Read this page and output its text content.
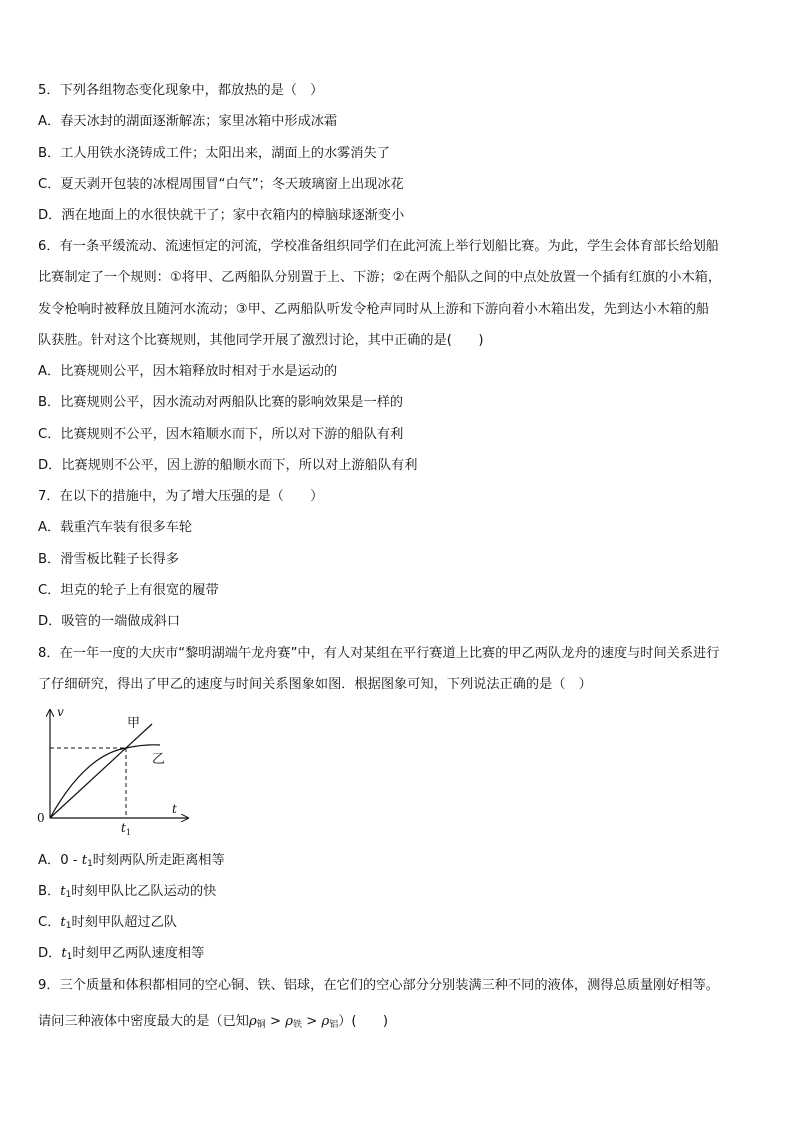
5．下列各组物态变化现象中，都放热的是（　）
A．春天冰封的湖面逐渐解冻；家里冰箱中形成冰霜
B．工人用铁水浇铸成工件；太阳出来，湖面上的水雾消失了
C．夏天剥开包装的冰棍周围冒“白气”；冬天玻璃窗上出现冰花
D．洒在地面上的水很快就干了；家中衣箱内的樟脑球逐渐变小
6．有一条平缓流动、流速恒定的河流，学校准备组织同学们在此河流上举行划船比赛。为此，学生会体育部长给划船
比赛制定了一个规则：①将甲、乙两船队分别置于上、下游；②在两个船队之间的中点处放置一个插有红旗的小木箱，
发令枪响时被释放且随河水流动；③甲、乙两船队听发令枪声同时从上游和下游向着小木箱出发，先到达小木箱的船
队获胜。针对这个比赛规则，其他同学开展了激烈讨论，其中正确的是(　　)
A．比赛规则公平，因木箱释放时相对于水是运动的
B．比赛规则公平，因水流动对两船队比赛的影响效果是一样的
C．比赛规则不公平，因木箱顺水而下，所以对下游的船队有利
D．比赛规则不公平，因上游的船顺水而下，所以对上游船队有利
7．在以下的措施中，为了增大压强的是（　　）
A．载重汽车装有很多车轮
B．滑雪板比鞋子长得多
C．坦克的轮子上有很宽的履带
D．吸管的一端做成斜口
8．在一年一度的大庆市“黎明湖端午龙舟赛”中，有人对某组在平行赛道上比赛的甲乙两队龙舟的速度与时间关系进行
了仔细研究，得出了甲乙的速度与时间关系图象如图．根据图象可知，下列说法正确的是（　）
v
t
0
$t_1$
甲
乙
A．$0 - t_1$时刻两队所走距离相等
B．$t_1$时刻甲队比乙队运动的快
C．$t_1$时刻甲队超过乙队
D．$t_1$时刻甲乙两队速度相等
9．三个质量和体积都相同的空心铜、铁、铝球，在它们的空心部分分别装满三种不同的液体，测得总质量刚好相等。
请问三种液体中密度最大的是（已知$\rho_铜 > \rho_铁 > \rho_铝$）(　　)
